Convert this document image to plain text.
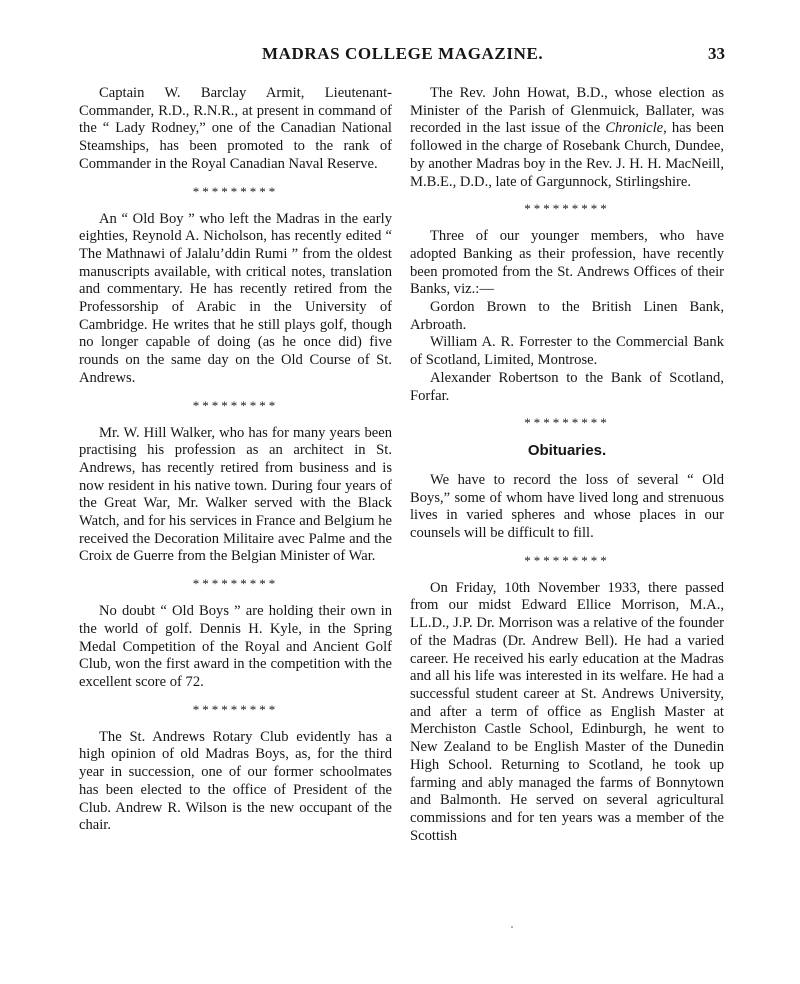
MADRAS COLLEGE MAGAZINE.	33

Captain W. Barclay Armit, Lieutenant-Commander, R.D., R.N.R., at present in command of the “ Lady Rodney,” one of the Canadian National Steamships, has been promoted to the rank of Commander in the Royal Canadian Naval Reserve.

*********

An “ Old Boy ” who left the Madras in the early eighties, Reynold A. Nicholson, has recently edited “ The Mathnawi of Jalalu’ddin Rumi ” from the oldest manuscripts available, with critical notes, translation and commentary. He has recently retired from the Professorship of Arabic in the University of Cambridge. He writes that he still plays golf, though no longer capable of doing (as he once did) five rounds on the same day on the Old Course of St. Andrews.

*********

Mr. W. Hill Walker, who has for many years been practising his profession as an architect in St. Andrews, has recently retired from business and is now resident in his native town. During four years of the Great War, Mr. Walker served with the Black Watch, and for his services in France and Belgium he received the Decoration Militaire avec Palme and the Croix de Guerre from the Belgian Minister of War.

*********

No doubt “ Old Boys ” are holding their own in the world of golf. Dennis H. Kyle, in the Spring Medal Competition of the Royal and Ancient Golf Club, won the first award in the competition with the excellent score of 72.

*********

The St. Andrews Rotary Club evidently has a high opinion of old Madras Boys, as, for the third year in succession, one of our former schoolmates has been elected to the office of President of the Club. Andrew R. Wilson is the new occupant of the chair.

The Rev. John Howat, B.D., whose election as Minister of the Parish of Glenmuick, Ballater, was recorded in the last issue of the Chronicle, has been followed in the charge of Rosebank Church, Dundee, by another Madras boy in the Rev. J. H. H. MacNeill, M.B.E., D.D., late of Gargunnock, Stirlingshire.

*********

Three of our younger members, who have adopted Banking as their profession, have recently been promoted from the St. Andrews Offices of their Banks, viz.:—

Gordon Brown to the British Linen Bank, Arbroath.

William A. R. Forrester to the Commercial Bank of Scotland, Limited, Montrose.

Alexander Robertson to the Bank of Scotland, Forfar.

*********
Obituaries.

We have to record the loss of several “ Old Boys,” some of whom have lived long and strenuous lives in varied spheres and whose places in our counsels will be difficult to fill.

*********

On Friday, 10th November 1933, there passed from our midst Edward Ellice Morrison, M.A., LL.D., J.P. Dr. Morrison was a relative of the founder of the Madras (Dr. Andrew Bell). He had a varied career. He received his early education at the Madras and all his life was interested in its welfare. He had a successful student career at St. Andrews University, and after a term of office as English Master at Merchiston Castle School, Edinburgh, he went to New Zealand to be English Master of the Dunedin High School. Returning to Scotland, he took up farming and ably managed the farms of Bonnytown and Balmonth. He served on several agricultural commissions and for ten years was a member of the Scottish
